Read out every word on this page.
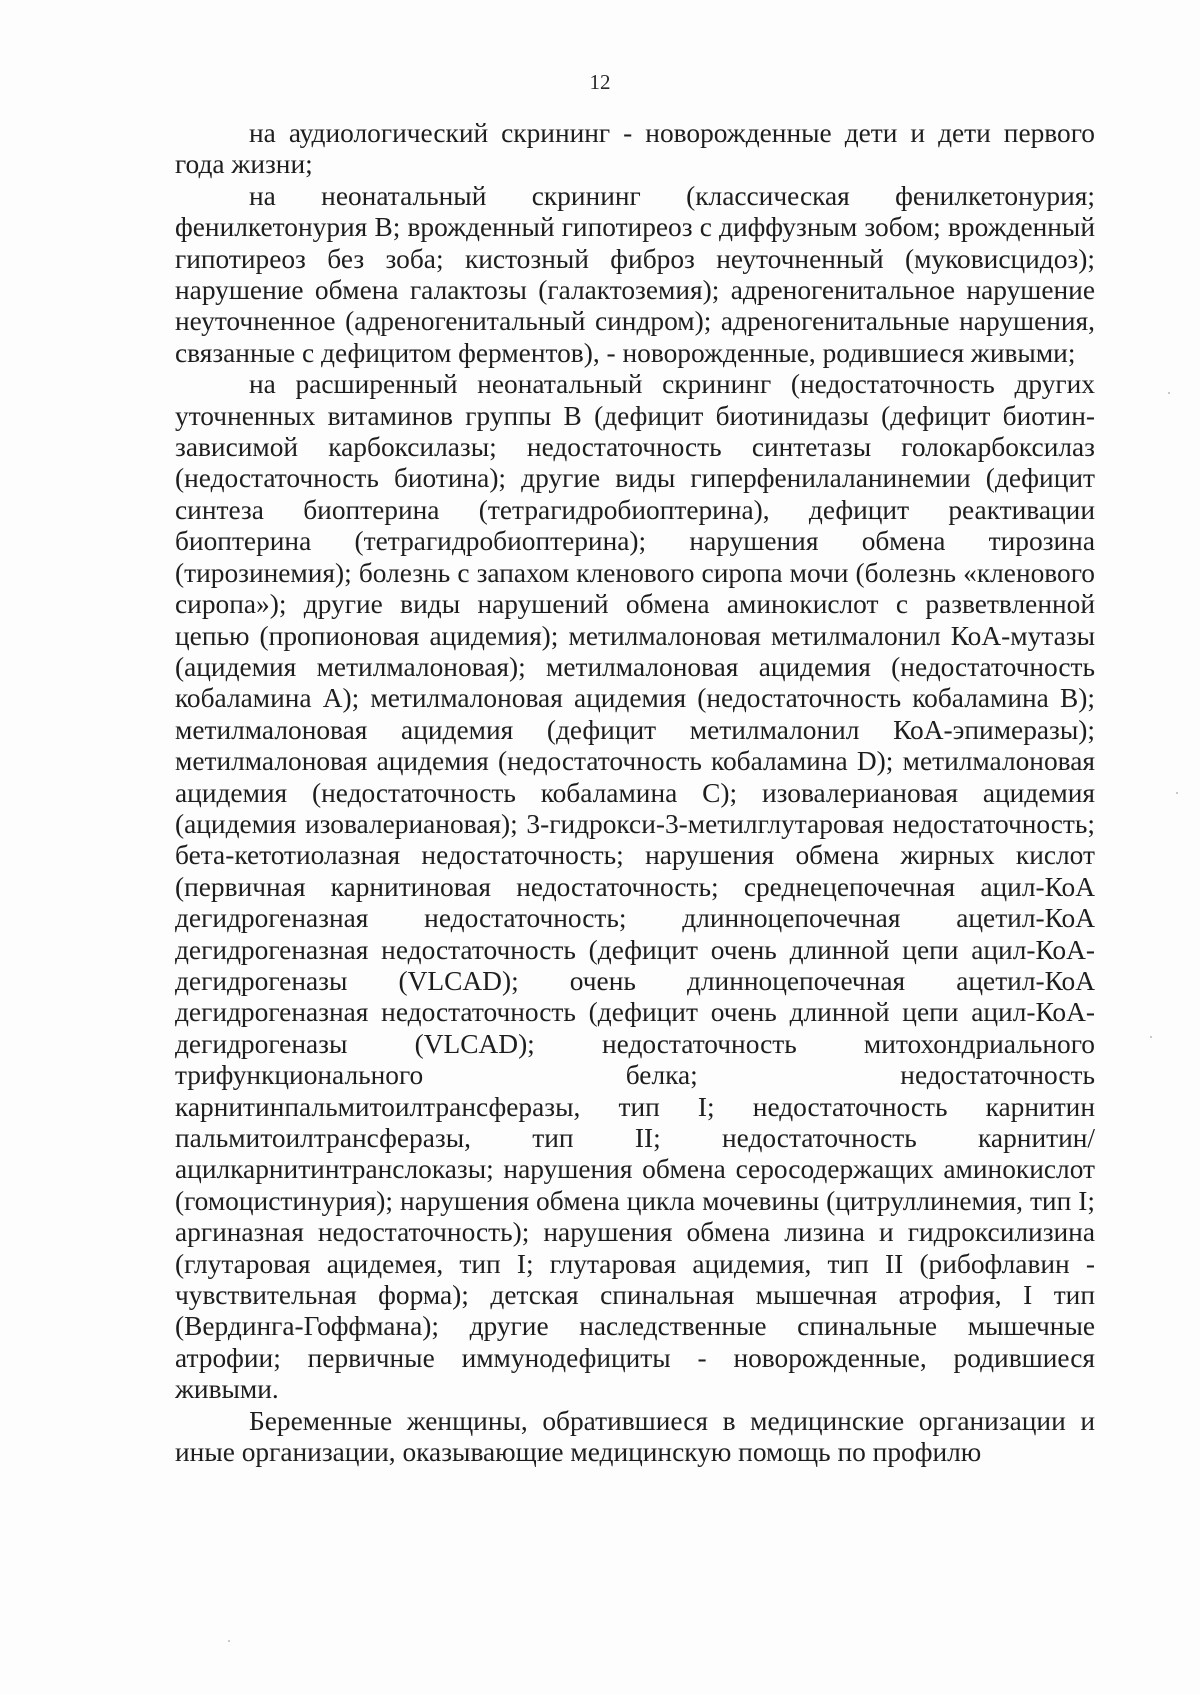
12

на аудиологический скрининг - новорожденные дети и дети первого года жизни;

на неонатальный скрининг (классическая фенилкетонурия; фенилкетонурия B; врожденный гипотиреоз с диффузным зобом; врожденный гипотиреоз без зоба; кистозный фиброз неуточненный (муковисцидоз); нарушение обмена галактозы (галактоземия); адреногенитальное нарушение неуточненное (адреногенитальный синдром); адреногенитальные нарушения, связанные с дефицитом ферментов), - новорожденные, родившиеся живыми;

на расширенный неонатальный скрининг (недостаточность других уточненных витаминов группы B (дефицит биотинидазы (дефицит биотин-зависимой карбоксилазы; недостаточность синтетазы голокарбоксилаз (недостаточность биотина); другие виды гиперфенилаланинемии (дефицит синтеза биоптерина (тетрагидробиоптерина), дефицит реактивации биоптерина (тетрагидробиоптерина); нарушения обмена тирозина (тирозинемия); болезнь с запахом кленового сиропа мочи (болезнь «кленового сиропа»); другие виды нарушений обмена аминокислот с разветвленной цепью (пропионовая ацидемия); метилмалоновая метилмалонил КоА-мутазы (ацидемия метилмалоновая); метилмалоновая ацидемия (недостаточность кобаламина A); метилмалоновая ацидемия (недостаточность кобаламина B); метилмалоновая ацидемия (дефицит метилмалонил КоА-эпимеразы); метилмалоновая ацидемия (недостаточность кобаламина D); метилмалоновая ацидемия (недостаточность кобаламина C); изовалериановая ацидемия (ацидемия изовалериановая); 3-гидрокси-3-метилглутаровая недостаточность; бета-кетотиолазная недостаточность; нарушения обмена жирных кислот (первичная карнитиновая недостаточность; среднецепочечная ацил-КоА дегидрогеназная недостаточность; длинноцепочечная ацетил-КоА дегидрогеназная недостаточность (дефицит очень длинной цепи ацил-КоА-дегидрогеназы (VLCAD); очень длинноцепочечная ацетил-КоА дегидрогеназная недостаточность (дефицит очень длинной цепи ацил-КоА-дегидрогеназы (VLCAD); недостаточность митохондриального трифункционального белка; недостаточность карнитинпальмитоилтрансферазы, тип I; недостаточность карнитин пальмитоилтрансферазы, тип II; недостаточность карнитин/ацилкарнитинтранслоказы; нарушения обмена серосодержащих аминокислот (гомоцистинурия); нарушения обмена цикла мочевины (цитруллинемия, тип I; аргиназная недостаточность); нарушения обмена лизина и гидроксилизина (глутаровая ацидемея, тип I; глутаровая ацидемия, тип II (рибофлавин - чувствительная форма); детская спинальная мышечная атрофия, I тип (Вердинга-Гоффмана); другие наследственные спинальные мышечные атрофии; первичные иммунодефициты - новорожденные, родившиеся живыми.

Беременные женщины, обратившиеся в медицинские организации и иные организации, оказывающие медицинскую помощь по профилю
